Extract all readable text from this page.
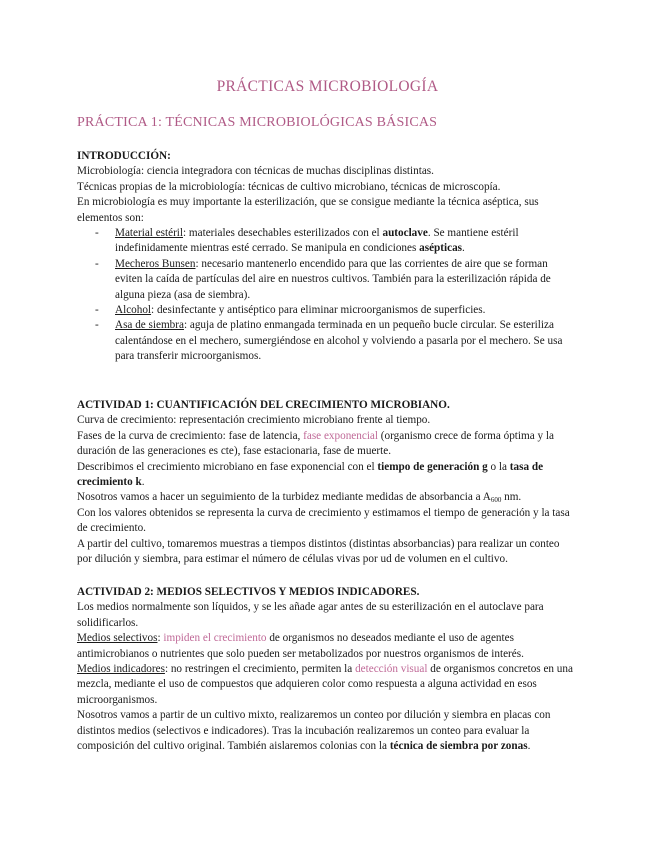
PRÁCTICAS MICROBIOLOGÍA
PRÁCTICA 1: TÉCNICAS MICROBIOLÓGICAS BÁSICAS

INTRODUCCIÓN:

Microbiología: ciencia integradora con técnicas de muchas disciplinas distintas.

Técnicas propias de la microbiología: técnicas de cultivo microbiano, técnicas de microscopía.

En microbiología es muy importante la esterilización, que se consigue mediante la técnica aséptica, sus elementos son:

- Material estéril: materiales desechables esterilizados con el autoclave. Se mantiene estéril indefinidamente mientras esté cerrado. Se manipula en condiciones asépticas.
- Mecheros Bunsen: necesario mantenerlo encendido para que las corrientes de aire que se forman eviten la caída de partículas del aire en nuestros cultivos. También para la esterilización rápida de alguna pieza (asa de siembra).
- Alcohol: desinfectante y antiséptico para eliminar microorganismos de superficies.
- Asa de siembra: aguja de platino enmangada terminada en un pequeño bucle circular. Se esteriliza calentándose en el mechero, sumergiéndose en alcohol y volviendo a pasarla por el mechero. Se usa para transferir microorganismos.

ACTIVIDAD 1: CUANTIFICACIÓN DEL CRECIMIENTO MICROBIANO.

Curva de crecimiento: representación crecimiento microbiano frente al tiempo.

Fases de la curva de crecimiento: fase de latencia, fase exponencial (organismo crece de forma óptima y la duración de las generaciones es cte), fase estacionaria, fase de muerte.

Describimos el crecimiento microbiano en fase exponencial con el tiempo de generación g o la tasa de crecimiento k.

Nosotros vamos a hacer un seguimiento de la turbidez mediante medidas de absorbancia a $A_{600}$ nm.

Con los valores obtenidos se representa la curva de crecimiento y estimamos el tiempo de generación y la tasa de crecimiento.

A partir del cultivo, tomaremos muestras a tiempos distintos (distintas absorbancias) para realizar un conteo por dilución y siembra, para estimar el número de células vivas por ud de volumen en el cultivo.

ACTIVIDAD 2: MEDIOS SELECTIVOS Y MEDIOS INDICADORES.

Los medios normalmente son líquidos, y se les añade agar antes de su esterilización en el autoclave para solidificarlos.

Medios selectivos: impiden el crecimiento de organismos no deseados mediante el uso de agentes antimicrobianos o nutrientes que solo pueden ser metabolizados por nuestros organismos de interés.

Medios indicadores: no restringen el crecimiento, permiten la detección visual de organismos concretos en una mezcla, mediante el uso de compuestos que adquieren color como respuesta a alguna actividad en esos microorganismos.

Nosotros vamos a partir de un cultivo mixto, realizaremos un conteo por dilución y siembra en placas con distintos medios (selectivos e indicadores). Tras la incubación realizaremos un conteo para evaluar la composición del cultivo original. También aislaremos colonias con la técnica de siembra por zonas.
